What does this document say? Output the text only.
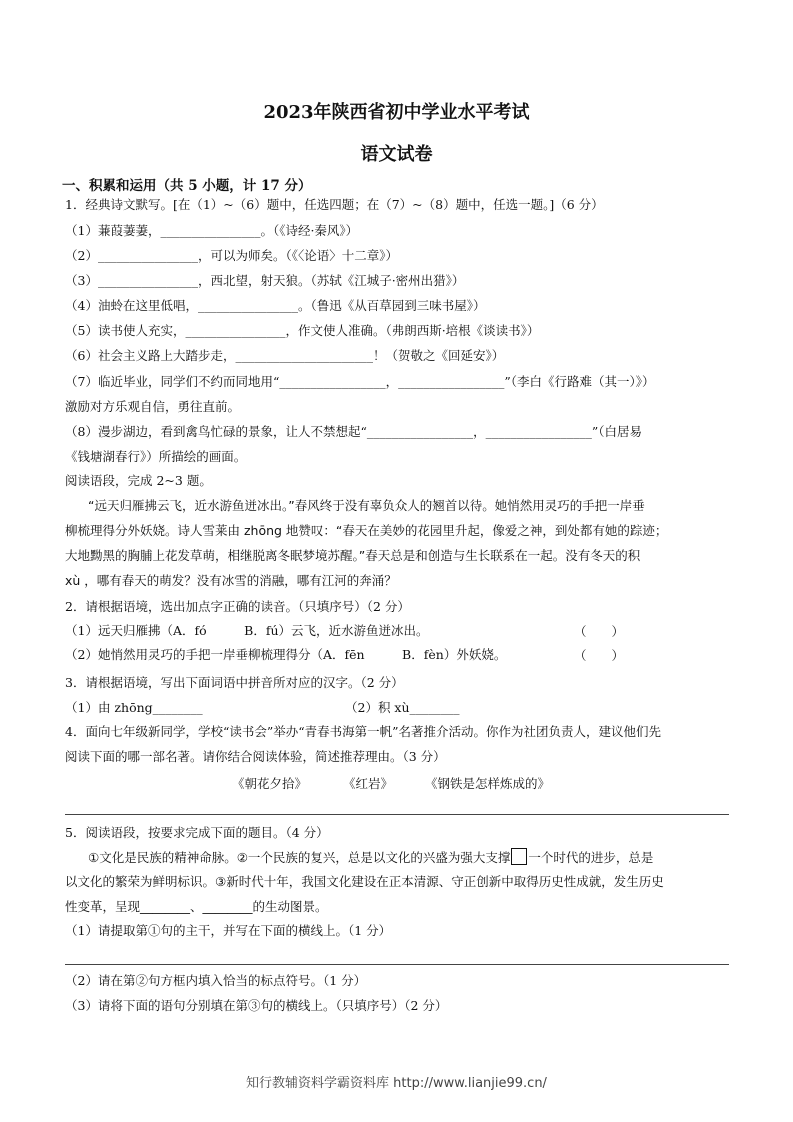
2023年陕西省初中学业水平考试
语文试卷
一、积累和运用（共 5 小题，计 17 分）
1．经典诗文默写。[在（1）~（6）题中，任选四题；在（7）~（8）题中，任选一题。]（6 分）
（1）蒹葭萋萋，________________。（《诗经·秦风》）
（2）________________，可以为师矣。（《〈论语〉十二章》）
（3）________________，西北望，射天狼。（苏轼《江城子·密州出猎》）
（4）油蛉在这里低唱，________________。（鲁迅《从百草园到三味书屋》）
（5）读书使人充实，________________，作文使人准确。（弗朗西斯·培根《谈读书》）
（6）社会主义路上大踏步走，______________________！（贺敬之《回延安》）
（7）临近毕业，同学们不约而同地用“_________________，_________________”（李白《行路难（其一）》）
激励对方乐观自信，勇往直前。
（8）漫步湖边，看到禽鸟忙碌的景象，让人不禁想起“_________________，_________________”（白居易
《钱塘湖春行》）所描绘的画面。
阅读语段，完成 2~3 题。
“远天归雁拂云飞，近水游鱼迸冰出。”春风终于没有辜负众人的翘首以待。她悄然用灵巧的手把一岸垂
柳梳理得分外妖娆。诗人雪莱由 zhōng 地赞叹：“春天在美妙的花园里升起，像爱之神，到处都有她的踪迹；
大地黝黑的胸脯上花发草萌，相继脱离冬眠梦境苏醒。”春天总是和创造与生长联系在一起。没有冬天的积
xù ，哪有春天的萌发？没有冰雪的消融，哪有江河的奔涌？
2．请根据语境，选出加点字正确的读音。（只填序号）（2 分）
（1）远天归雁拂（A．fó　　　B．fú）云飞，近水游鱼迸冰出。	（　　）
（2）她悄然用灵巧的手把一岸垂柳梳理得分（A．fēn　　　B．fèn）外妖娆。	（　　）
3．请根据语境，写出下面词语中拼音所对应的汉字。（2 分）
（1）由 zhōng________	（2）积 xù________
4．面向七年级新同学，学校“读书会”举办“青春书海第一帆”名著推介活动。你作为社团负责人，建议他们先
阅读下面的哪一部名著。请你结合阅读体验，简述推荐理由。（3 分）
《朝花夕拾》	《红岩》	《钢铁是怎样炼成的》
5．阅读语段，按要求完成下面的题目。（4 分）
①文化是民族的精神命脉。②一个民族的复兴，总是以文化的兴盛为强大支撑 一个时代的进步，总是
以文化的繁荣为鲜明标识。③新时代十年，我国文化建设在正本清源、守正创新中取得历史性成就，发生历史
性变革，呈现________、________的生动图景。
（1）请提取第①句的主干，并写在下面的横线上。（1 分）
（2）请在第②句方框内填入恰当的标点符号。（1 分）
（3）请将下面的语句分别填在第③句的横线上。（只填序号）（2 分）
知行教辅资料学霸资料库 http://www.lianjie99.cn/
